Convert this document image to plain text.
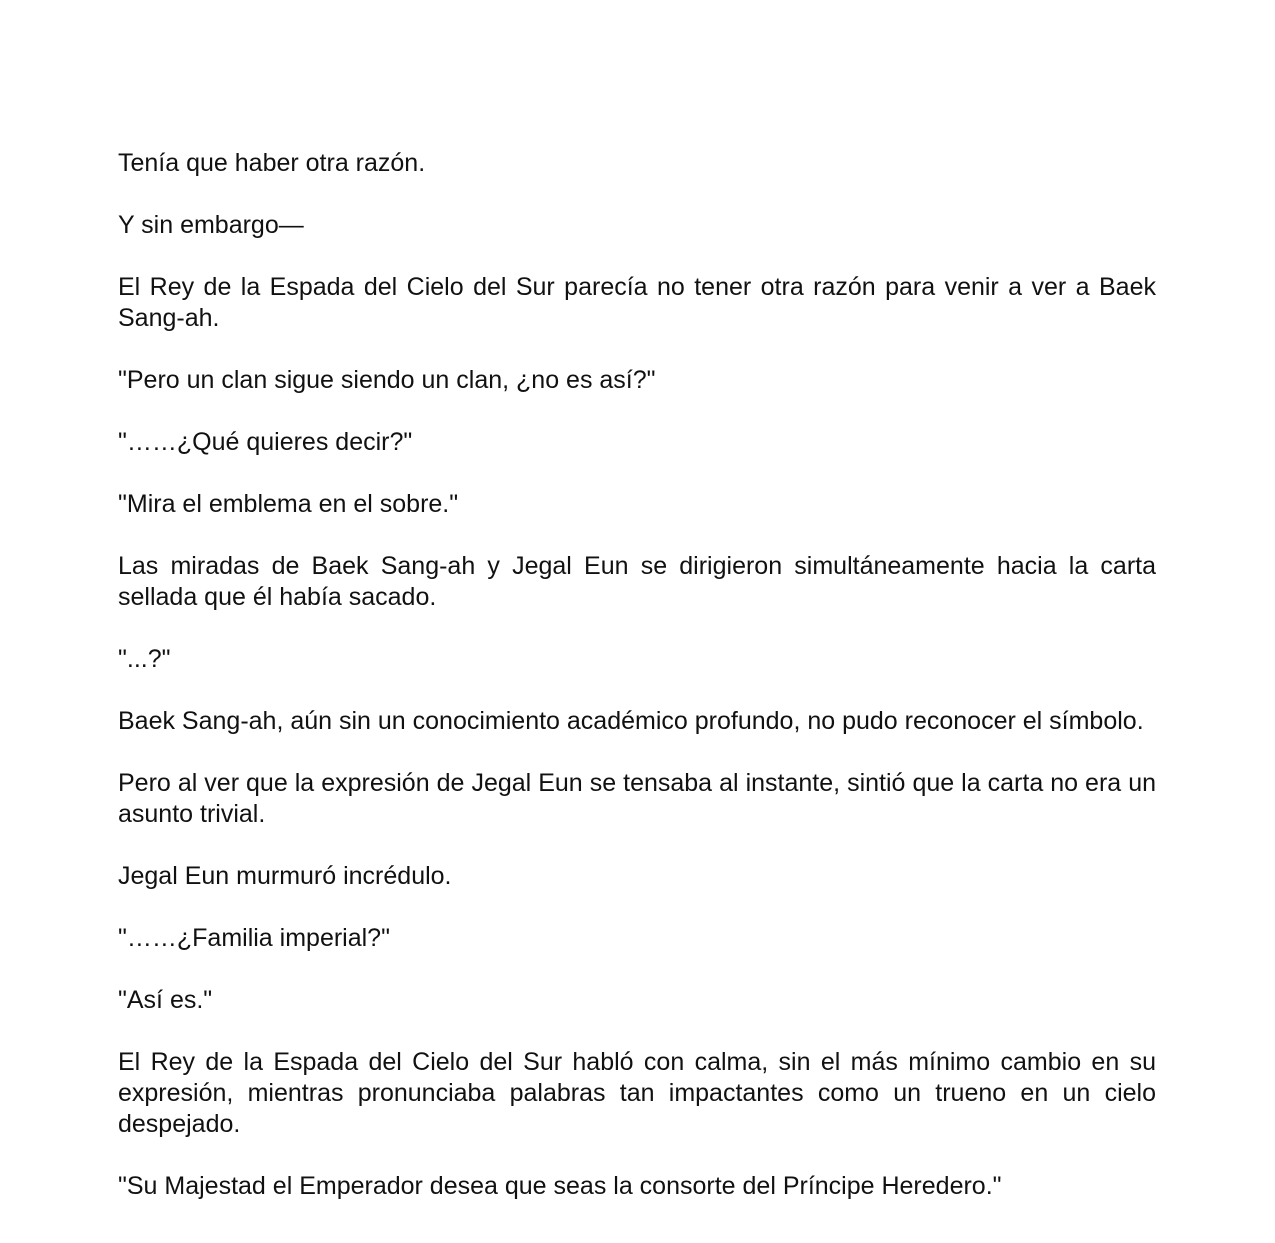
Tenía que haber otra razón.

Y sin embargo—

El Rey de la Espada del Cielo del Sur parecía no tener otra razón para venir a ver a Baek Sang-ah.

"Pero un clan sigue siendo un clan, ¿no es así?"

"……¿Qué quieres decir?"

"Mira el emblema en el sobre."

Las miradas de Baek Sang-ah y Jegal Eun se dirigieron simultáneamente hacia la carta sellada que él había sacado.

"...?"

Baek Sang-ah, aún sin un conocimiento académico profundo, no pudo reconocer el símbolo.

Pero al ver que la expresión de Jegal Eun se tensaba al instante, sintió que la carta no era un asunto trivial.

Jegal Eun murmuró incrédulo.

"……¿Familia imperial?"

"Así es."

El Rey de la Espada del Cielo del Sur habló con calma, sin el más mínimo cambio en su expresión, mientras pronunciaba palabras tan impactantes como un trueno en un cielo despejado.

"Su Majestad el Emperador desea que seas la consorte del Príncipe Heredero."
